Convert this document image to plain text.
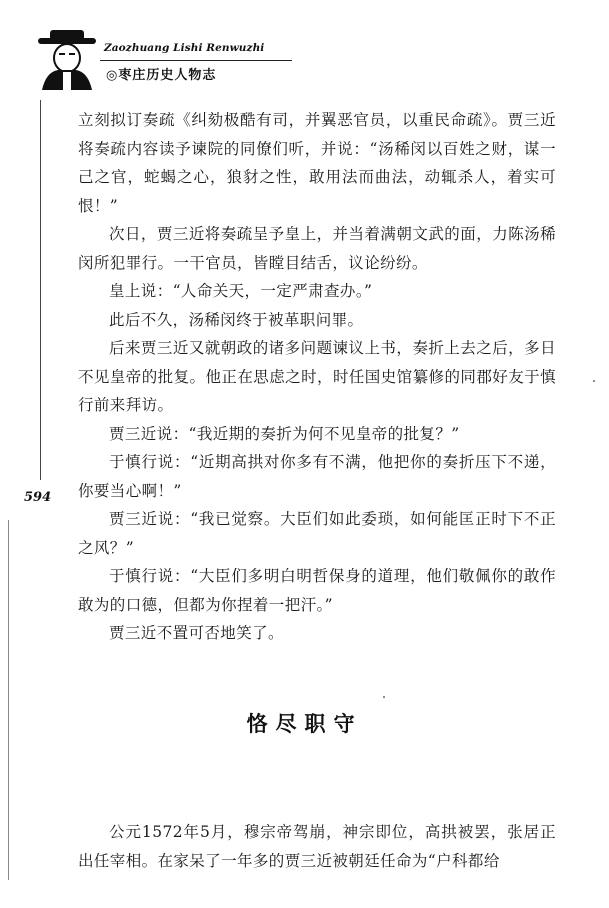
Zaozhuang Lishi Renwuzhi
◎枣庄历史人物志
594

立刻拟订奏疏《纠劾极酷有司，并翼恶官员，以重民命疏》。贾三近将奏疏内容读予谏院的同僚们听，并说：“汤稀闵以百姓之财，谋一己之官，蛇蝎之心，狼豺之性，敢用法而曲法，动辄杀人，着实可恨！”

次日，贾三近将奏疏呈予皇上，并当着满朝文武的面，力陈汤稀闵所犯罪行。一干官员，皆瞠目结舌，议论纷纷。

皇上说：“人命关天，一定严肃查办。”

此后不久，汤稀闵终于被革职问罪。

后来贾三近又就朝政的诸多问题谏议上书，奏折上去之后，多日不见皇帝的批复。他正在思虑之时，时任国史馆纂修的同郡好友于慎行前来拜访。

贾三近说：“我近期的奏折为何不见皇帝的批复？”

于慎行说：“近期高拱对你多有不满，他把你的奏折压下不递，你要当心啊！”

贾三近说：“我已觉察。大臣们如此委琐，如何能匡正时下不正之风？”

于慎行说：“大臣们多明白明哲保身的道理，他们敬佩你的敢作敢为的口德，但都为你捏着一把汗。”

贾三近不置可否地笑了。

恪尽职守

公元1572年5月，穆宗帝驾崩，神宗即位，高拱被罢，张居正出任宰相。在家呆了一年多的贾三近被朝廷任命为“户科都给
